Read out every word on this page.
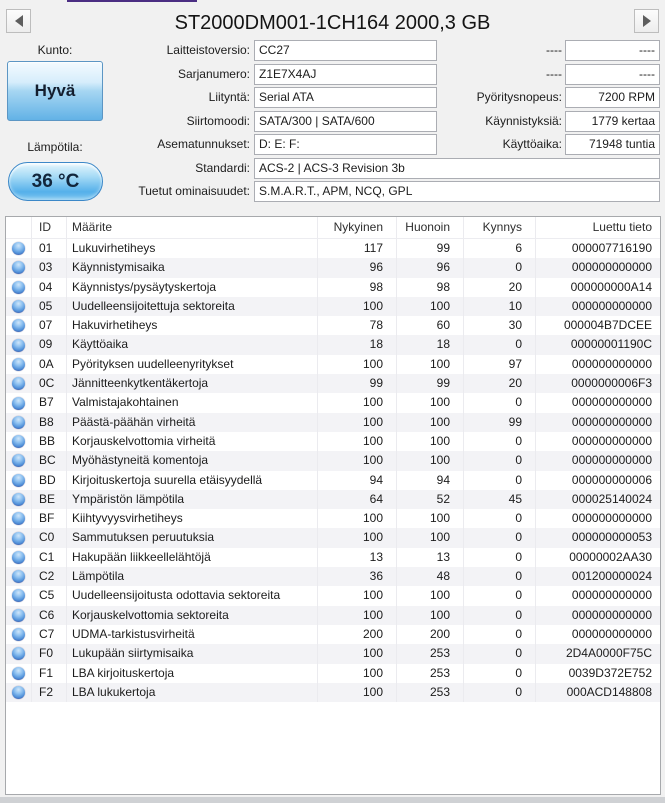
ST2000DM001-1CH164 2000,3 GB
Kunto:
Hyvä
Lämpötila:
36 °C
Laitteistoversio: CC27
Sarjanumero: Z1E7X4AJ
Liityntä: Serial ATA
Siirtomoodi: SATA/300 | SATA/600
Asematunnukset: D: E: F:
Standardi: ACS-2 | ACS-3 Revision 3b
Tuetut ominaisuudet: S.M.A.R.T., APM, NCQ, GPL
----	----
----	----
Pyöritysnopeus:	7200 RPM
Käynnistyksiä:	1779 kertaa
Käyttöaika:	71948 tuntia
ID	Määrite	Nykyinen	Huonoin	Kynnys	Luettu tieto
01	Lukuvirhetiheys	117	99	6	000007716190
03	Käynnistymisaika	96	96	0	000000000000
04	Käynnistys/pysäytyskertoja	98	98	20	000000000A14
05	Uudelleensijoitettuja sektoreita	100	100	10	000000000000
07	Hakuvirhetiheys	78	60	30	000004B7DCEE
09	Käyttöaika	18	18	0	00000001190C
0A	Pyörityksen uudelleenyritykset	100	100	97	000000000000
0C	Jännitteenkytkentäkertoja	99	99	20	0000000006F3
B7	Valmistajakohtainen	100	100	0	000000000000
B8	Päästä-päähän virheitä	100	100	99	000000000000
BB	Korjauskelvottomia virheitä	100	100	0	000000000000
BC	Myöhästyneitä komentoja	100	100	0	000000000000
BD	Kirjoituskertoja suurella etäisyydellä	94	94	0	000000000006
BE	Ympäristön lämpötila	64	52	45	000025140024
BF	Kiihtyvyysvirhetiheys	100	100	0	000000000000
C0	Sammutuksen peruutuksia	100	100	0	000000000053
C1	Hakupään liikkeellelähtöjä	13	13	0	00000002AA30
C2	Lämpötila	36	48	0	001200000024
C5	Uudelleensijoitusta odottavia sektoreita	100	100	0	000000000000
C6	Korjauskelvottomia sektoreita	100	100	0	000000000000
C7	UDMA-tarkistusvirheitä	200	200	0	000000000000
F0	Lukupään siirtymisaika	100	253	0	2D4A0000F75C
F1	LBA kirjoituskertoja	100	253	0	0039D372E752
F2	LBA lukukertoja	100	253	0	000ACD148808
